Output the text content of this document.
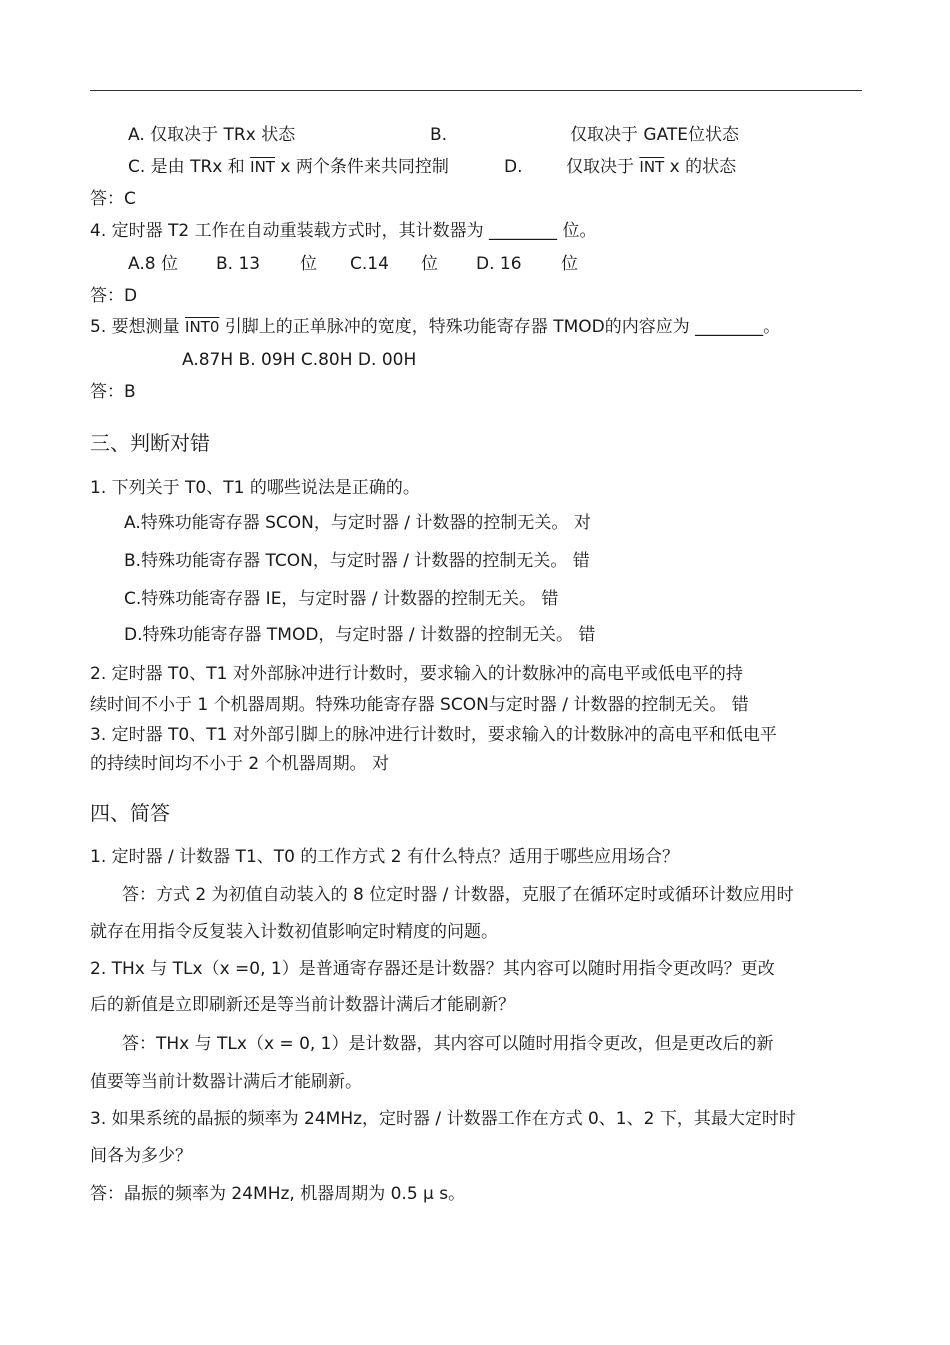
A. 仅取决于 TRx 状态	B.	仅取决于 GATE位状态
C. 是由 TRx 和 $\overline{INT}$ x 两个条件来共同控制	D.	仅取决于 $\overline{INT}$ x 的状态
答：C
4. 定时器 T2 工作在自动重装载方式时，其计数器为 ________ 位。
A.8 位 B. 13 位 C.14 位 D. 16 位
答：D
5. 要想测量 INT0 引脚上的正单脉冲的宽度，特殊功能寄存器 TMOD的内容应为 ________。
A.87H B. 09H C.80H D. 00H
答：B
三、判断对错
1. 下列关于 T0、T1 的哪些说法是正确的。
A.特殊功能寄存器 SCON，与定时器 / 计数器的控制无关。 对
B.特殊功能寄存器 TCON，与定时器 / 计数器的控制无关。 错
C.特殊功能寄存器 IE，与定时器 / 计数器的控制无关。 错
D.特殊功能寄存器 TMOD，与定时器 / 计数器的控制无关。 错
2. 定时器 T0、T1 对外部脉冲进行计数时，要求输入的计数脉冲的高电平或低电平的持
续时间不小于 1 个机器周期。特殊功能寄存器 SCON与定时器 / 计数器的控制无关。 错
3. 定时器 T0、T1 对外部引脚上的脉冲进行计数时，要求输入的计数脉冲的高电平和低电平
的持续时间均不小于 2 个机器周期。 对
四、简答
1. 定时器 / 计数器 T1、T0 的工作方式 2 有什么特点？适用于哪些应用场合？
答：方式 2 为初值自动装入的 8 位定时器 / 计数器，克服了在循环定时或循环计数应用时
就存在用指令反复装入计数初值影响定时精度的问题。
2. THx 与 TLx（x =0, 1）是普通寄存器还是计数器？其内容可以随时用指令更改吗？更改
后的新值是立即刷新还是等当前计数器计满后才能刷新？
答：THx 与 TLx（x = 0, 1）是计数器，其内容可以随时用指令更改，但是更改后的新
值要等当前计数器计满后才能刷新。
3. 如果系统的晶振的频率为 24MHz，定时器 / 计数器工作在方式 0、1、2 下，其最大定时时
间各为多少？
答：晶振的频率为 24MHz, 机器周期为 0.5 μ s。
